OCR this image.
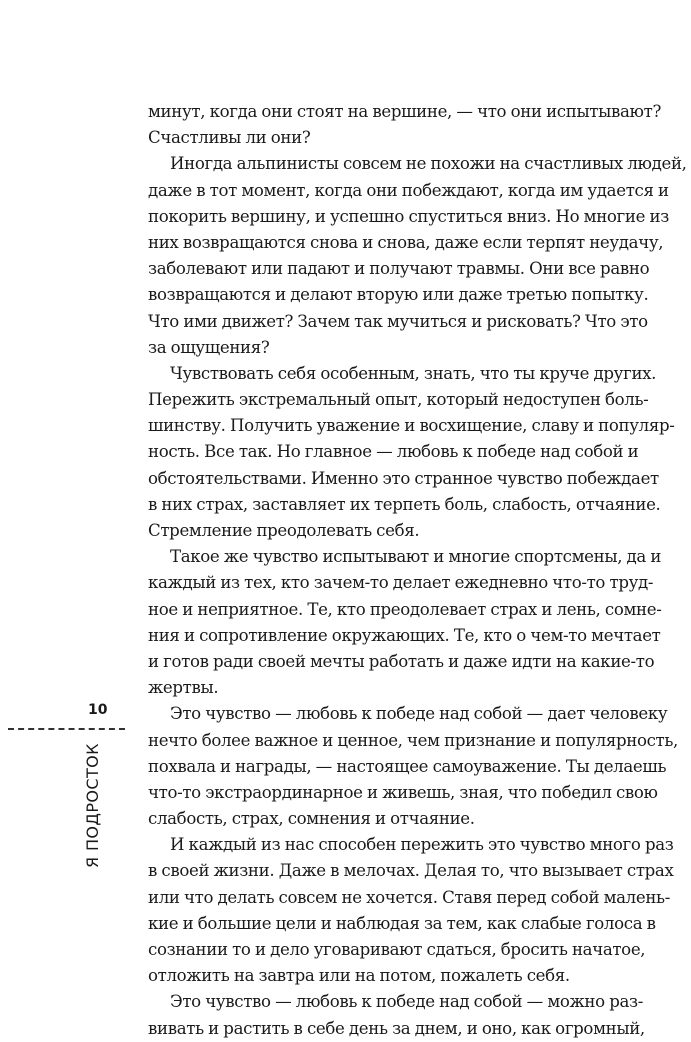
минут, когда они стоят на вершине, — что они испытывают?
Счастливы ли они?
Иногда альпинисты совсем не похожи на счастливых людей,
даже в тот момент, когда они побеждают, когда им удается и
покорить вершину, и успешно спуститься вниз. Но многие из
них возвращаются снова и снова, даже если терпят неудачу,
заболевают или падают и получают травмы. Они все равно
возвращаются и делают вторую или даже третью попытку.
Что ими движет? Зачем так мучиться и рисковать? Что это
за ощущения?
Чувствовать себя особенным, знать, что ты круче других.
Пережить экстремальный опыт, который недоступен боль-
шинству. Получить уважение и восхищение, славу и популяр-
ность. Все так. Но главное — любовь к победе над собой и
обстоятельствами. Именно это странное чувство побеждает
в них страх, заставляет их терпеть боль, слабость, отчаяние.
Стремление преодолевать себя.
Такое же чувство испытывают и многие спортсмены, да и
каждый из тех, кто зачем-то делает ежедневно что-то труд-
ное и неприятное. Те, кто преодолевает страх и лень, сомне-
ния и сопротивление окружающих. Те, кто о чем-то мечтает
и готов ради своей мечты работать и даже идти на какие-то
жертвы.
Это чувство — любовь к победе над собой — дает человеку
нечто более важное и ценное, чем признание и популярность,
похвала и награды, — настоящее самоуважение. Ты делаешь
что-то экстраординарное и живешь, зная, что победил свою
слабость, страх, сомнения и отчаяние.
И каждый из нас способен пережить это чувство много раз
в своей жизни. Даже в мелочах. Делая то, что вызывает страх
или что делать совсем не хочется. Ставя перед собой малень-
кие и большие цели и наблюдая за тем, как слабые голоса в
сознании то и дело уговаривают сдаться, бросить начатое,
отложить на завтра или на потом, пожалеть себя.
Это чувство — любовь к победе над собой — можно раз-
вивать и растить в себе день за днем, и оно, как огромный,
10
Я ПОДРОСТОК
